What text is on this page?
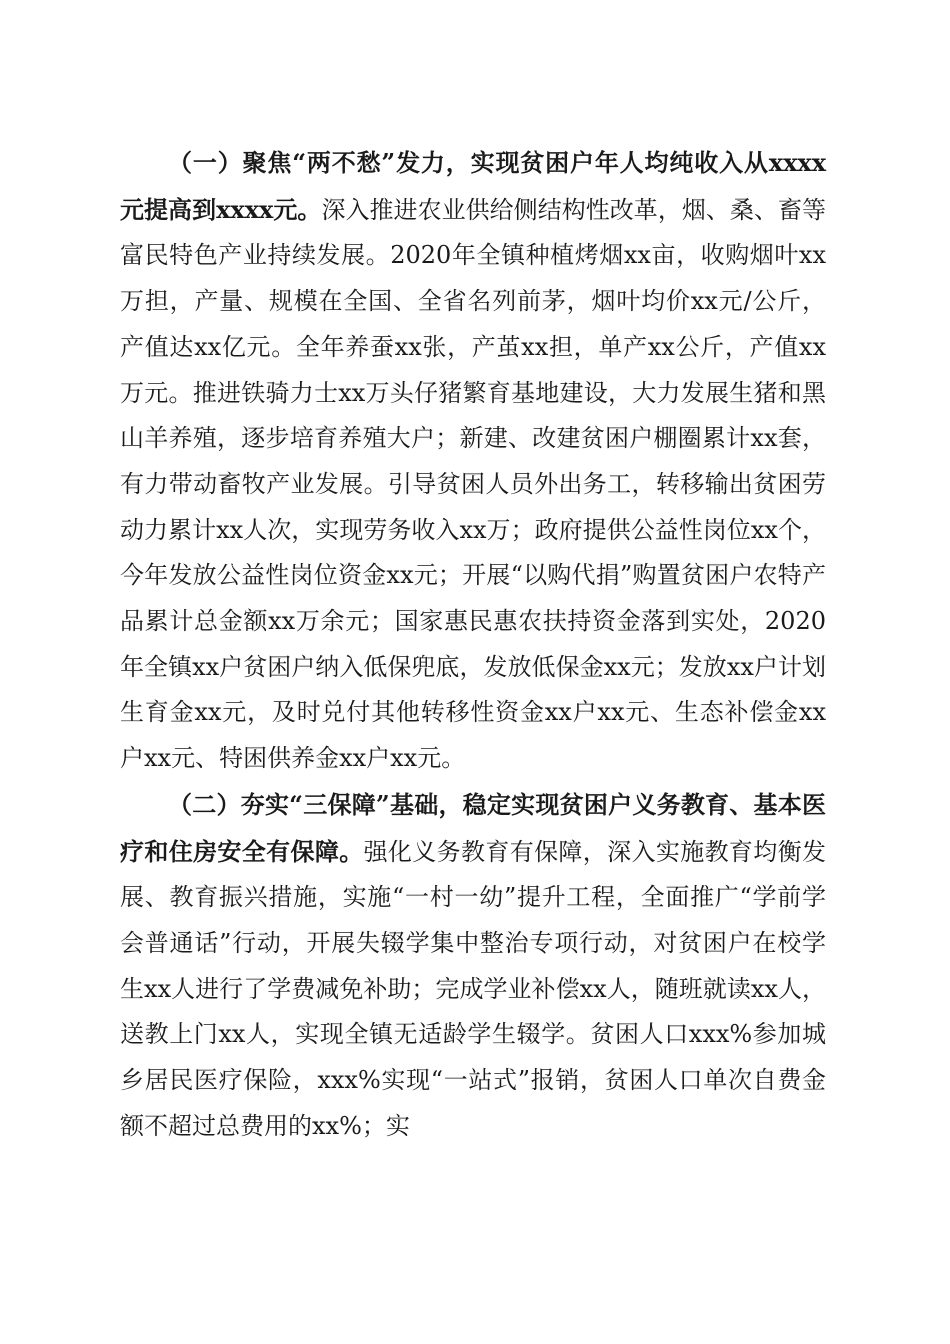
（一）聚焦“两不愁”发力，实现贫困户年人均纯收入从xxxx元提高到xxxx元。深入推进农业供给侧结构性改革，烟、桑、畜等富民特色产业持续发展。2020年全镇种植烤烟xx亩，收购烟叶xx万担，产量、规模在全国、全省名列前茅，烟叶均价xx元/公斤，产值达xx亿元。全年养蚕xx张，产茧xx担，单产xx公斤，产值xx万元。推进铁骑力士xx万头仔猪繁育基地建设，大力发展生猪和黑山羊养殖，逐步培育养殖大户；新建、改建贫困户棚圈累计xx套，有力带动畜牧产业发展。引导贫困人员外出务工，转移输出贫困劳动力累计xx人次，实现劳务收入xx万；政府提供公益性岗位xx个，今年发放公益性岗位资金xx元；开展“以购代捐”购置贫困户农特产品累计总金额xx万余元；国家惠民惠农扶持资金落到实处，2020年全镇xx户贫困户纳入低保兜底，发放低保金xx元；发放xx户计划生育金xx元，及时兑付其他转移性资金xx户xx元、生态补偿金xx户xx元、特困供养金xx户xx元。

（二）夯实“三保障”基础，稳定实现贫困户义务教育、基本医疗和住房安全有保障。强化义务教育有保障，深入实施教育均衡发展、教育振兴措施，实施“一村一幼”提升工程，全面推广“学前学会普通话”行动，开展失辍学集中整治专项行动，对贫困户在校学生xx人进行了学费减免补助；完成学业补偿xx人，随班就读xx人，送教上门xx人，实现全镇无适龄学生辍学。贫困人口xxx%参加城乡居民医疗保险，xxx%实现“一站式”报销，贫困人口单次自费金额不超过总费用的xx%；实
